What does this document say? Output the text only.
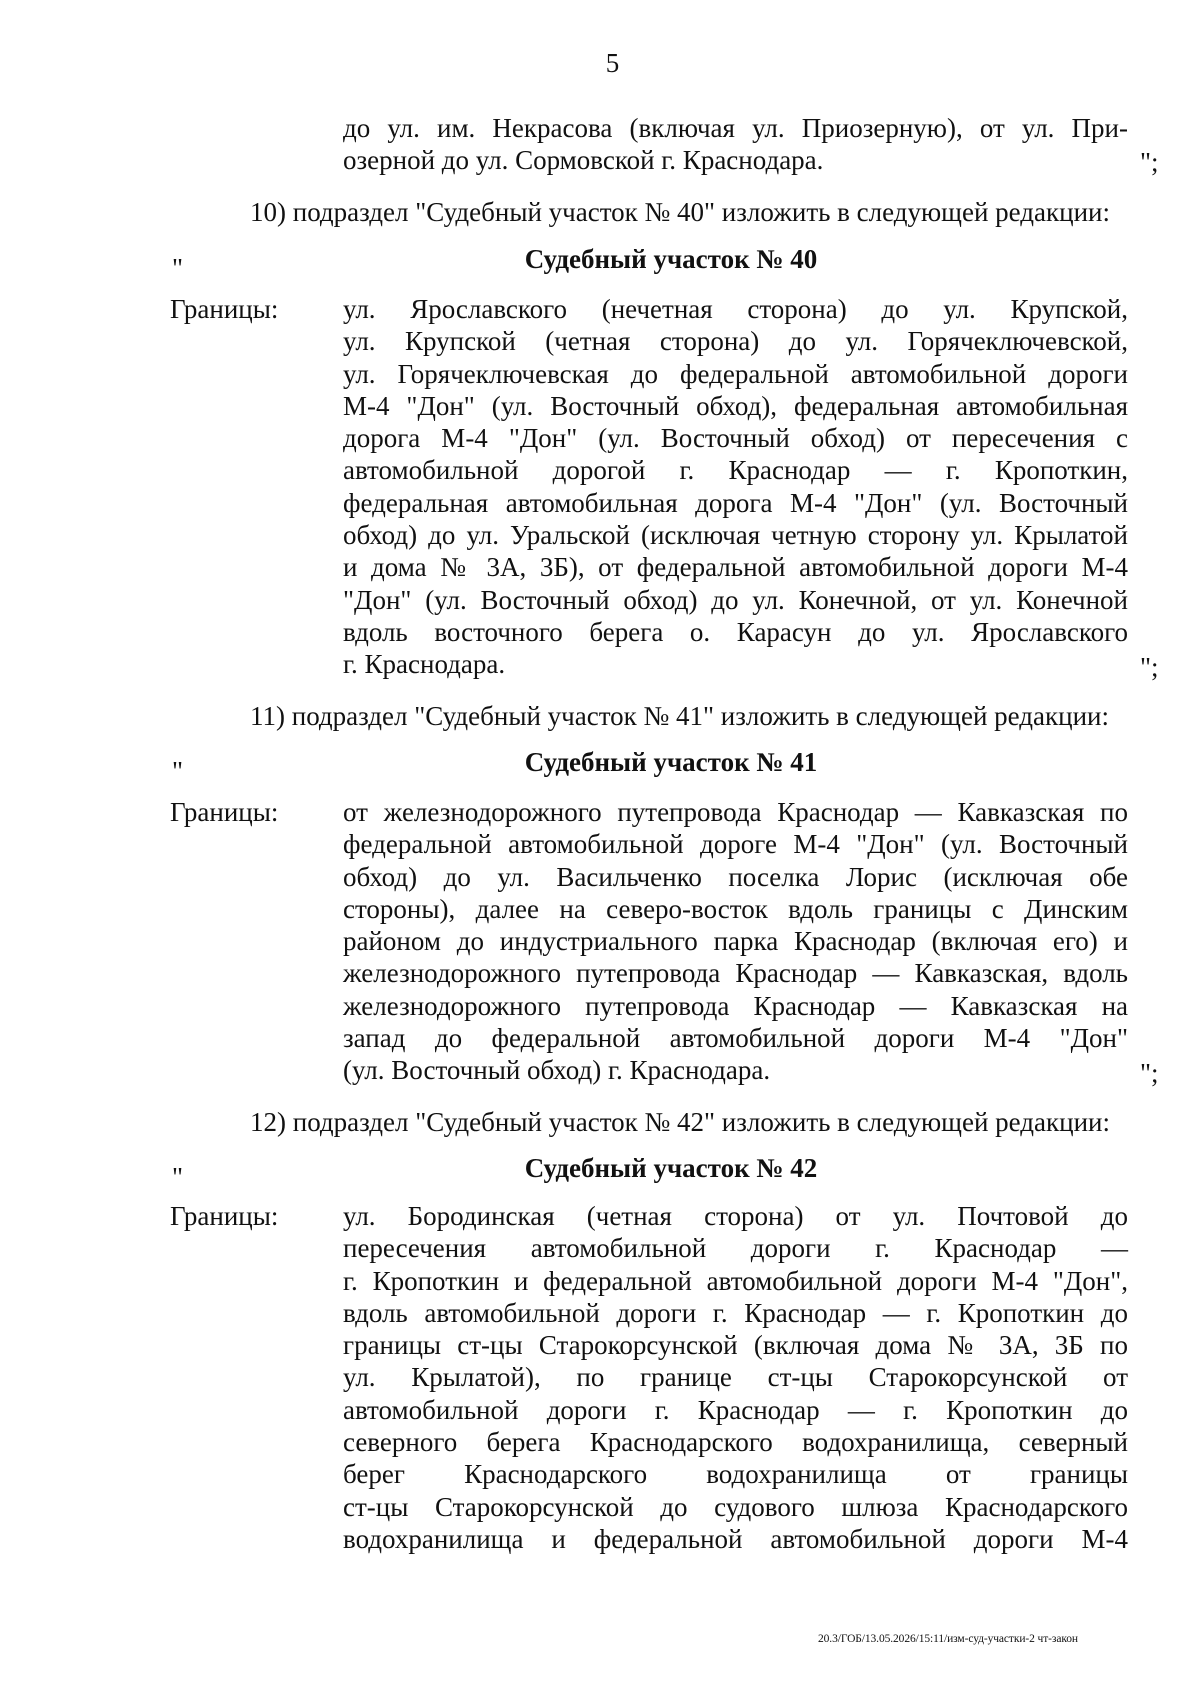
5
до ул. им. Некрасова (включая ул. Приозерную), от ул. При-
озерной до ул. Сормовской г. Краснодара.	";
10) подраздел "Судебный участок № 40" изложить в следующей редакции:
"	Судебный участок № 40
Границы: ул. Ярославского (нечетная сторона) до ул. Крупской,

ул. Крупской (четная сторона) до ул. Горячеключевской,

ул. Горячеключевская до федеральной автомобильной дороги

М-4 "Дон" (ул. Восточный обход), федеральная автомобильная

дорога М-4 "Дон" (ул. Восточный обход) от пересечения с

автомобильной дорогой г. Краснодар — г. Кропоткин,

федеральная автомобильная дорога М-4 "Дон" (ул. Восточный

обход) до ул. Уральской (исключая четную сторону ул. Крылатой

и дома № 3А, 3Б), от федеральной автомобильной дороги М-4

"Дон" (ул. Восточный обход) до ул. Конечной, от ул. Конечной

вдоль восточного берега о. Карасун до ул. Ярославского

г. Краснодара.	";
11) подраздел "Судебный участок № 41" изложить в следующей редакции:
"	Судебный участок № 41
Границы: от железнодорожного путепровода Краснодар — Кавказская по

федеральной автомобильной дороге М-4 "Дон" (ул. Восточный

обход) до ул. Васильченко поселка Лорис (исключая обе

стороны), далее на северо-восток вдоль границы с Динским

районом до индустриального парка Краснодар (включая его) и

железнодорожного путепровода Краснодар — Кавказская, вдоль

железнодорожного путепровода Краснодар — Кавказская на

запад до федеральной автомобильной дороги М-4 "Дон"

(ул. Восточный обход) г. Краснодара.	";
12) подраздел "Судебный участок № 42" изложить в следующей редакции:
"	Судебный участок № 42
Границы: ул. Бородинская (четная сторона) от ул. Почтовой до

пересечения автомобильной дороги г. Краснодар —

г. Кропоткин и федеральной автомобильной дороги М-4 "Дон",

вдоль автомобильной дороги г. Краснодар — г. Кропоткин до

границы ст-цы Старокорсунской (включая дома № 3А, 3Б по

ул. Крылатой), по границе ст-цы Старокорсунской от

автомобильной дороги г. Краснодар — г. Кропоткин до

северного берега Краснодарского водохранилища, северный

берег Краснодарского водохранилища от границы

ст-цы Старокорсунской до судового шлюза Краснодарского

водохранилища и федеральной автомобильной дороги М-4

20.3/ГОБ/13.05.2026/15:11/изм-суд-участки-2 чт-закон
